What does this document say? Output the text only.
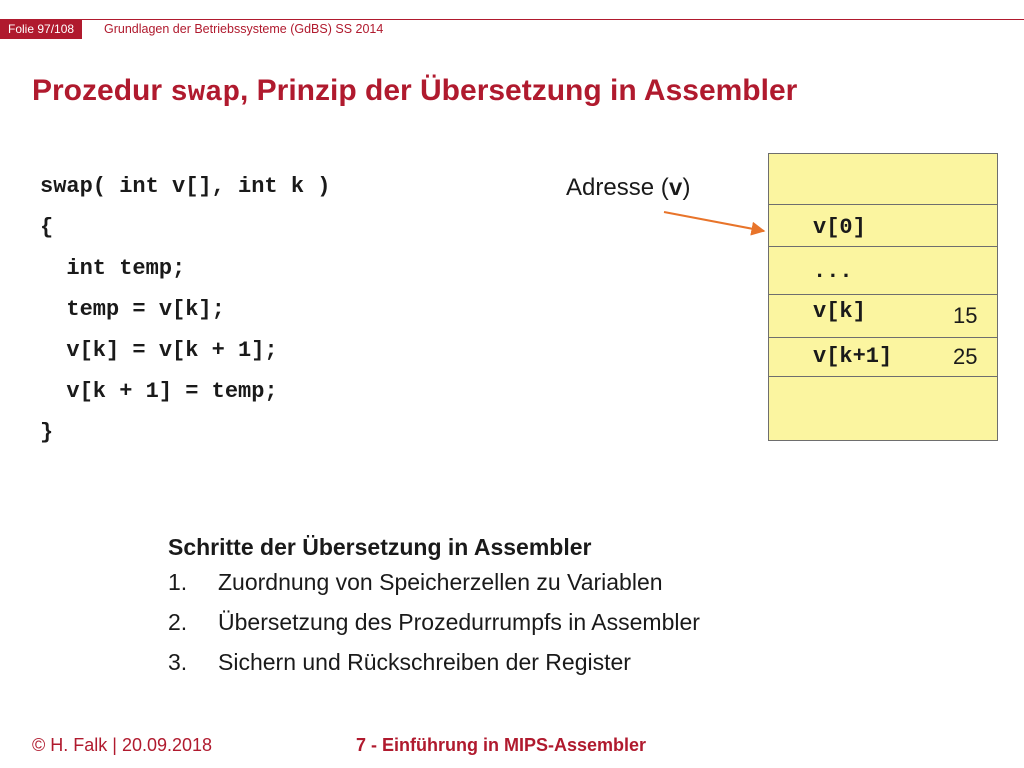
Folie 97/108	Grundlagen der Betriebssysteme (GdBS) SS 2014
Prozedur swap, Prinzip der Übersetzung in Assembler
swap( int v[], int k )
{
int temp;
temp = v[k];
v[k] = v[k + 1];
v[k + 1] = temp;
}
Adresse (v)
v[0]
...
v[k]	15
v[k+1]	25
Schritte der Übersetzung in Assembler
1. Zuordnung von Speicherzellen zu Variablen
2. Übersetzung des Prozedurrumpfs in Assembler
3. Sichern und Rückschreiben der Register
© H. Falk | 20.09.2018	7 - Einführung in MIPS-Assembler
